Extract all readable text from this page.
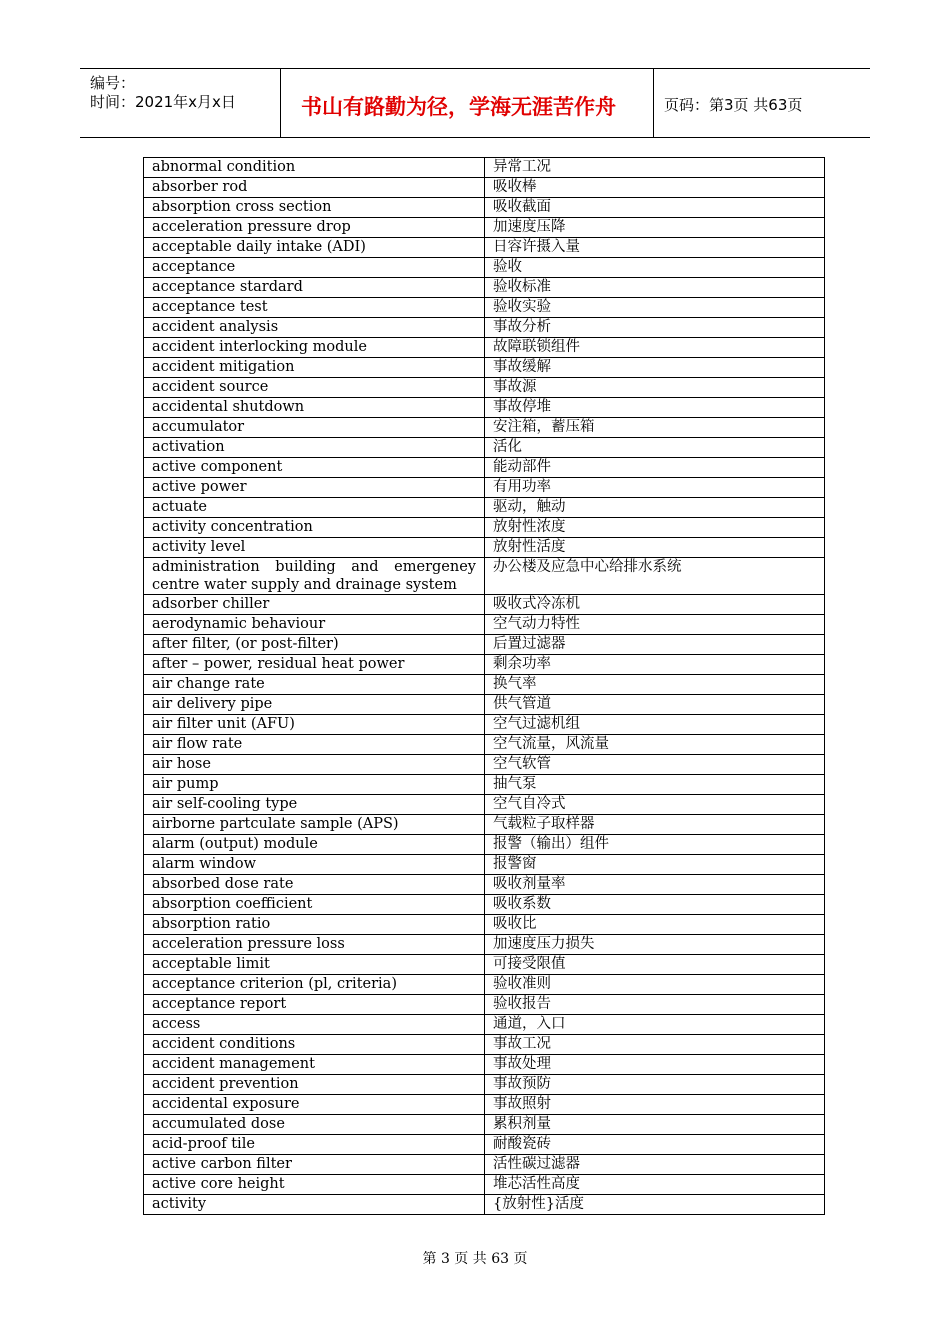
编号：
时间：2021年x月x日	书山有路勤为径，学海无涯苦作舟	页码：第3页 共63页
abnormal condition	异常工况
absorber rod	吸收棒
absorption cross section	吸收截面
acceleration pressure drop	加速度压降
acceptable daily intake (ADI)	日容许摄入量
acceptance	验收
acceptance stardard	验收标准
acceptance test	验收实验
accident analysis	事故分析
accident interlocking module	故障联锁组件
accident mitigation	事故缓解
accident source	事故源
accidental shutdown	事故停堆
accumulator	安注箱，蓄压箱
activation	活化
active component	能动部件
active power	有用功率
actuate	驱动，触动
activity concentration	放射性浓度
activity level	放射性活度
administration building and emergeney centre water supply and drainage system	办公楼及应急中心给排水系统
adsorber chiller	吸收式冷冻机
aerodynamic behaviour	空气动力特性
after filter, (or post-filter)	后置过滤器
after – power, residual heat power	剩余功率
air change rate	换气率
air delivery pipe	供气管道
air filter unit (AFU)	空气过滤机组
air flow rate	空气流量，风流量
air hose	空气软管
air pump	抽气泵
air self-cooling type	空气自冷式
airborne partculate sample (APS)	气载粒子取样器
alarm (output) module	报警（输出）组件
alarm window	报警窗
absorbed dose rate	吸收剂量率
absorption coefficient	吸收系数
absorption ratio	吸收比
acceleration pressure loss	加速度压力损失
acceptable limit	可接受限值
acceptance criterion (pl, criteria)	验收准则
acceptance report	验收报告
access	通道，入口
accident conditions	事故工况
accident management	事故处理
accident prevention	事故预防
accidental exposure	事故照射
accumulated dose	累积剂量
acid-proof tile	耐酸瓷砖
active carbon filter	活性碳过滤器
active core height	堆芯活性高度
activity	{放射性}活度
第 3 页 共 63 页
